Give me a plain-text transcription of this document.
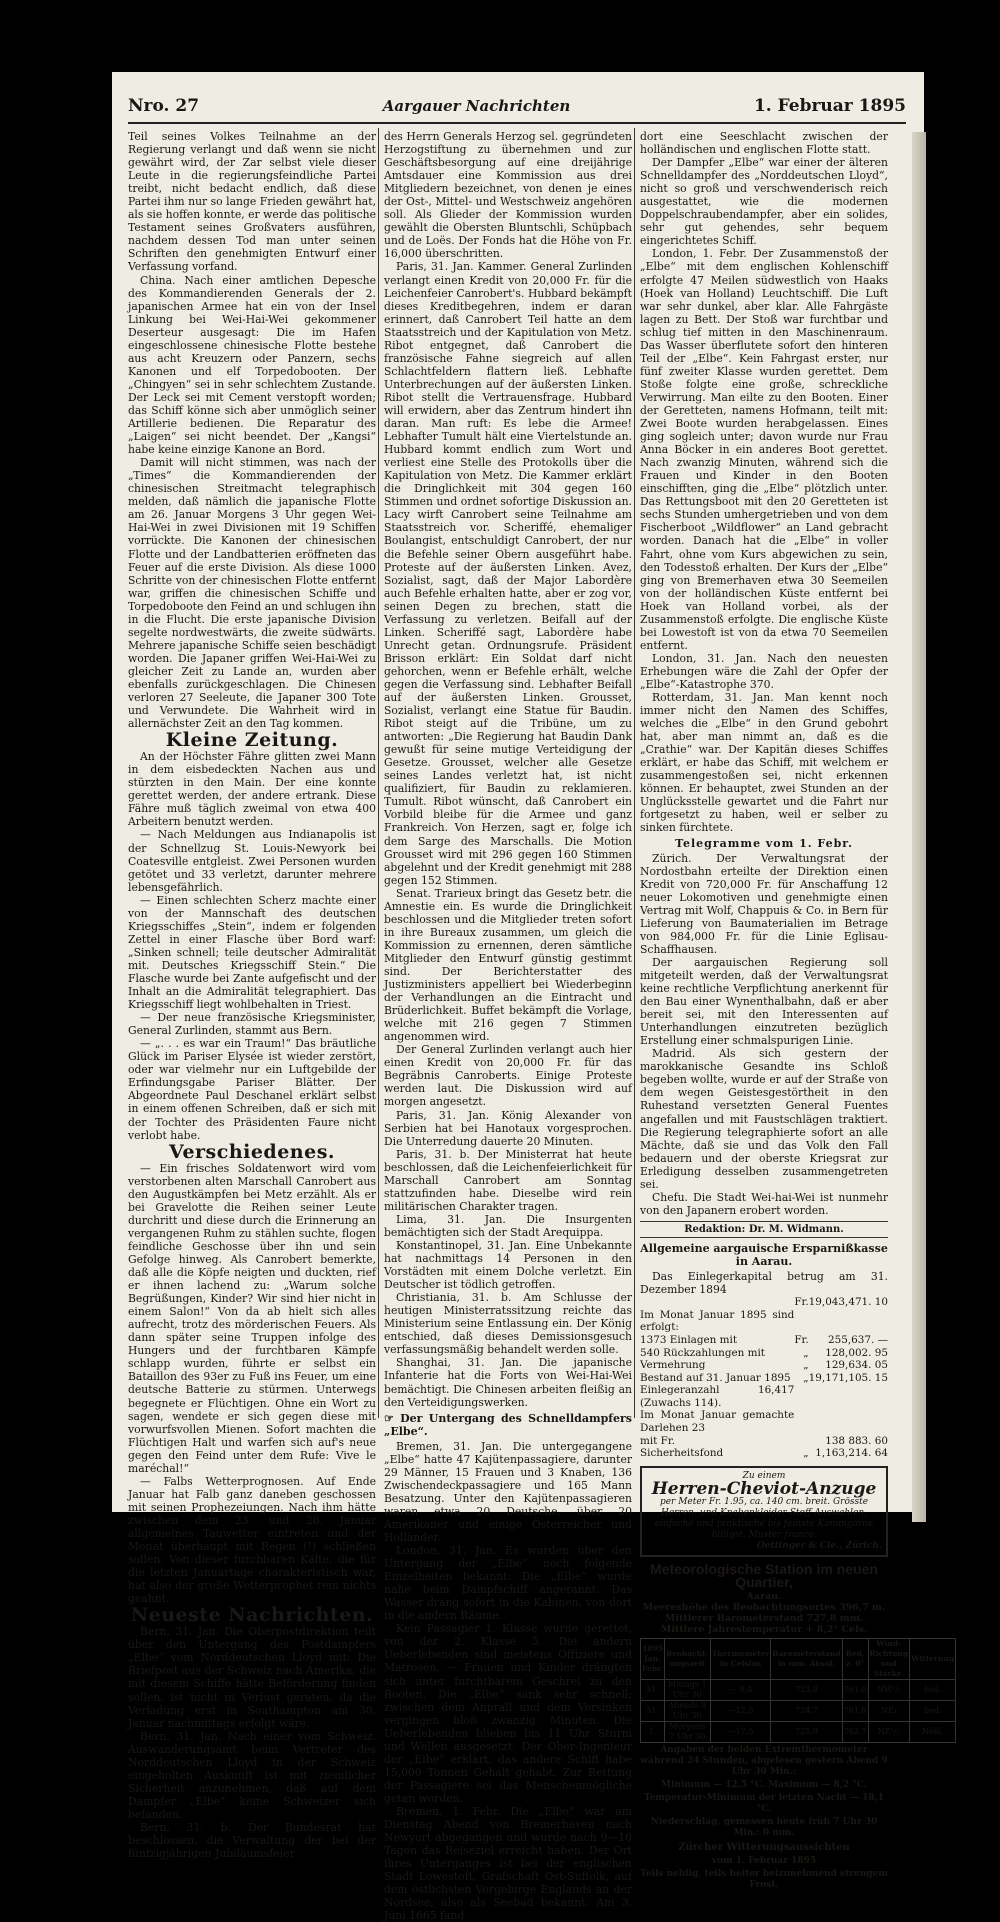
Nro. 27	Aargauer Nachrichten	1. Februar 1895

Teil seines Volkes Teilnahme an der Regierung verlangt und daß wenn sie nicht gewährt wird, der Zar selbst viele dieser Leute in die regierungsfeindliche Partei treibt, nicht bedacht endlich, daß diese Partei ihm nur so lange Frieden gewährt hat, als sie hoffen konnte, er werde das politische Testament seines Großvaters ausführen, nachdem dessen Tod man unter seinen Schriften den genehmigten Entwurf einer Verfassung vorfand.

China. Nach einer amtlichen Depesche des Kommandierenden Generals der 2. japanischen Armee hat ein von der Insel Linkung bei Wei-Hai-Wei gekommener Deserteur ausgesagt: Die im Hafen eingeschlossene chinesische Flotte bestehe aus acht Kreuzern oder Panzern, sechs Kanonen und elf Torpedobooten. Der „Chingyen“ sei in sehr schlechtem Zustande. Der Leck sei mit Cement verstopft worden; das Schiff könne sich aber unmöglich seiner Artillerie bedienen. Die Reparatur des „Laigen“ sei nicht beendet. Der „Kangsi“ habe keine einzige Kanone an Bord.

Damit will nicht stimmen, was nach der „Times“ die Kommandierenden der chinesischen Streitmacht telegraphisch melden, daß nämlich die japanische Flotte am 26. Januar Morgens 3 Uhr gegen Wei-Hai-Wei in zwei Divisionen mit 19 Schiffen vorrückte. Die Kanonen der chinesischen Flotte und der Landbatterien eröffneten das Feuer auf die erste Division. Als diese 1000 Schritte von der chinesischen Flotte entfernt war, griffen die chinesischen Schiffe und Torpedoboote den Feind an und schlugen ihn in die Flucht. Die erste japanische Division segelte nordwestwärts, die zweite südwärts. Mehrere japanische Schiffe seien beschädigt worden. Die Japaner griffen Wei-Hai-Wei zu gleicher Zeit zu Lande an, wurden aber ebenfalls zurückgeschlagen. Die Chinesen verloren 27 Seeleute, die Japaner 300 Tote und Verwundete. Die Wahrheit wird in allernächster Zeit an den Tag kommen.

Kleine Zeitung.

An der Höchster Fähre glitten zwei Mann in dem eisbedeckten Nachen aus und stürzten in den Main. Der eine konnte gerettet werden, der andere ertrank. Diese Fähre muß täglich zweimal von etwa 400 Arbeitern benutzt werden.

— Nach Meldungen aus Indianapolis ist der Schnellzug St. Louis-Newyork bei Coatesville entgleist. Zwei Personen wurden getötet und 33 verletzt, darunter mehrere lebensgefährlich.

— Einen schlechten Scherz machte einer von der Mannschaft des deutschen Kriegsschiffes „Stein“, indem er folgenden Zettel in einer Flasche über Bord warf: „Sinken schnell; teile deutscher Admiralität mit. Deutsches Kriegsschiff Stein.“ Die Flasche wurde bei Zante aufgefischt und der Inhalt an die Admiralität telegraphiert. Das Kriegsschiff liegt wohlbehalten in Triest.

— Der neue französische Kriegsminister, General Zurlinden, stammt aus Bern.

— „. . . es war ein Traum!“ Das bräutliche Glück im Pariser Elysée ist wieder zerstört, oder war vielmehr nur ein Luftgebilde der Erfindungsgabe Pariser Blätter. Der Abgeordnete Paul Deschanel erklärt selbst in einem offenen Schreiben, daß er sich mit der Tochter des Präsidenten Faure nicht verlobt habe.

Verschiedenes.

— Ein frisches Soldatenwort wird vom verstorbenen alten Marschall Canrobert aus den Augustkämpfen bei Metz erzählt. Als er bei Gravelotte die Reihen seiner Leute durchritt und diese durch die Erinnerung an vergangenen Ruhm zu stählen suchte, flogen feindliche Geschosse über ihn und sein Gefolge hinweg. Als Canrobert bemerkte, daß alle die Köpfe neigten und duckten, rief er ihnen lachend zu: „Warum solche Begrüßungen, Kinder? Wir sind hier nicht in einem Salon!“ Von da ab hielt sich alles aufrecht, trotz des mörderischen Feuers. Als dann später seine Truppen infolge des Hungers und der furchtbaren Kämpfe schlapp wurden, führte er selbst ein Bataillon des 93er zu Fuß ins Feuer, um eine deutsche Batterie zu stürmen. Unterwegs begegnete er Flüchtigen. Ohne ein Wort zu sagen, wendete er sich gegen diese mit vorwurfsvollen Mienen. Sofort machten die Flüchtigen Halt und warfen sich auf's neue gegen den Feind unter dem Rufe: Vive le maréchal!“

— Falbs Wetterprognosen. Auf Ende Januar hat Falb ganz daneben geschossen mit seinen Prophezeiungen. Nach ihm hätte zwischen dem 23. und 26. Januar allgemeines Tauwetter eintreten und der Monat überhaupt mit Regen (!) schließen sollen. Von dieser furchbaren Kälte, die für die letzten Januartage charakteristisch war, hat also der große Wetterprophet rein nichts geahnt.

Neueste Nachrichten.

Bern, 31. Jan. Die Oberpostdirektion teilt über den Untergang des Postdampfers „Elbe“ vom Norddeutschen Lloyd mit: Die Briefpost aus der Schweiz nach Amerika, die mit diesem Schiffe hätte Beförderung finden sollen, ist nicht in Verlust geraten, da die Verladung erst in Southampton am 30. Januar nachmittags erfolgt wäre.

Bern, 31. Jan. Nach einer vom Schweiz. Auswanderungsamt beim Vertreter des Norddeutschen Lloyd in der Schweiz eingeholten Auskunft ist mit ziemlicher Sicherheit anzunehmen, daß auf dem Dampfer „Elbe“ keine Schweizer sich befanden.

Bern, 31. b. Der Bundesrat hat beschlossen, die Verwaltung der bei der fünfzigjährigen Jubiläumsfeier

des Herrn Generals Herzog sel. gegründeten Herzogstiftung zu übernehmen und zur Geschäftsbesorgung auf eine dreijährige Amtsdauer eine Kommission aus drei Mitgliedern bezeichnet, von denen je eines der Ost-, Mittel- und Westschweiz angehören soll. Als Glieder der Kommission wurden gewählt die Obersten Bluntschli, Schüpbach und de Loës. Der Fonds hat die Höhe von Fr. 16,000 überschritten.

Paris, 31. Jan. Kammer. General Zurlinden verlangt einen Kredit von 20,000 Fr. für die Leichenfeier Canrobert's. Hubbard bekämpft dieses Kreditbegehren, indem er daran erinnert, daß Canrobert Teil hatte an dem Staatsstreich und der Kapitulation von Metz. Ribot entgegnet, daß Canrobert die französische Fahne siegreich auf allen Schlachtfeldern flattern ließ. Lebhafte Unterbrechungen auf der äußersten Linken. Ribot stellt die Vertrauensfrage. Hubbard will erwidern, aber das Zentrum hindert ihn daran. Man ruft: Es lebe die Armee! Lebhafter Tumult hält eine Viertelstunde an. Hubbard kommt endlich zum Wort und verliest eine Stelle des Protokolls über die Kapitulation von Metz. Die Kammer erklärt die Dringlichkeit mit 304 gegen 160 Stimmen und ordnet sofortige Diskussion an. Lacy wirft Canrobert seine Teilnahme am Staatsstreich vor. Scheriffé, ehemaliger Boulangist, entschuldigt Canrobert, der nur die Befehle seiner Obern ausgeführt habe. Proteste auf der äußersten Linken. Avez, Sozialist, sagt, daß der Major Labordère auch Befehle erhalten hatte, aber er zog vor, seinen Degen zu brechen, statt die Verfassung zu verletzen. Beifall auf der Linken. Scheriffé sagt, Labordère habe Unrecht getan. Ordnungsrufe. Präsident Brisson erklärt: Ein Soldat darf nicht gehorchen, wenn er Befehle erhält, welche gegen die Verfassung sind. Lebhafter Beifall auf der äußersten Linken. Grousset, Sozialist, verlangt eine Statue für Baudin. Ribot steigt auf die Tribüne, um zu antworten: „Die Regierung hat Baudin Dank gewußt für seine mutige Verteidigung der Gesetze. Grousset, welcher alle Gesetze seines Landes verletzt hat, ist nicht qualifiziert, für Baudin zu reklamieren. Tumult. Ribot wünscht, daß Canrobert ein Vorbild bleibe für die Armee und ganz Frankreich. Von Herzen, sagt er, folge ich dem Sarge des Marschalls. Die Motion Grousset wird mit 296 gegen 160 Stimmen abgelehnt und der Kredit genehmigt mit 288 gegen 152 Stimmen.

Senat. Trarieux bringt das Gesetz betr. die Amnestie ein. Es wurde die Dringlichkeit beschlossen und die Mitglieder treten sofort in ihre Bureaux zusammen, um gleich die Kommission zu ernennen, deren sämtliche Mitglieder den Entwurf günstig gestimmt sind. Der Berichterstatter des Justizministers appelliert bei Wiederbeginn der Verhandlungen an die Eintracht und Brüderlichkeit. Buffet bekämpft die Vorlage, welche mit 216 gegen 7 Stimmen angenommen wird.

Der General Zurlinden verlangt auch hier einen Kredit von 20,000 Fr. für das Begräbnis Canroberts. Einige Proteste werden laut. Die Diskussion wird auf morgen angesetzt.

Paris, 31. Jan. König Alexander von Serbien hat bei Hanotaux vorgesprochen. Die Unterredung dauerte 20 Minuten.

Paris, 31. b. Der Ministerrat hat heute beschlossen, daß die Leichenfeierlichkeit für Marschall Canrobert am Sonntag stattzufinden habe. Dieselbe wird rein militärischen Charakter tragen.

Lima, 31. Jan. Die Insurgenten bemächtigten sich der Stadt Arequippa.

Konstantinopel, 31. Jan. Eine Unbekannte hat nachmittags 14 Personen in den Vorstädten mit einem Dolche verletzt. Ein Deutscher ist tödlich getroffen.

Christiania, 31. b. Am Schlusse der heutigen Ministerratssitzung reichte das Ministerium seine Entlassung ein. Der König entschied, daß dieses Demissionsgesuch verfassungsmäßig behandelt werden solle.

Shanghai, 31. Jan. Die japanische Infanterie hat die Forts von Wei-Hai-Wei bemächtigt. Die Chinesen arbeiten fleißig an den Verteidigungswerken.

☞ Der Untergang des Schnelldampfers „Elbe“.

Bremen, 31. Jan. Die untergegangene „Elbe“ hatte 47 Kajütenpassagiere, darunter 29 Männer, 15 Frauen und 3 Knaben, 136 Zwischendeckpassagiere und 165 Mann Besatzung. Unter den Kajütenpassagieren waren etwa 20 Deutsche, über 20 Amerikaner und einige Österreicher und Holländer.

London, 31. Jan. Es wurden über den Untergang der „Elbe“ noch folgende Einzelheiten bekannt: Die „Elbe“ wurde nahe beim Dampfschiff angerannt. Das Wasser drang sofort in die Kabinen, von dort in die andern Räume.

Kein Passagier 1. Klasse wurde gerettet, von der 2. Klasse 5. Die andern Ueberlebenden sind meistens Offiziere und Matrosen. — Frauen und Kinder drängten sich unter furchtbarem Geschrei zu den Booten. Die „Elbe“ sank sehr schnell; zwischen dem Anprall und dem Versinken vergingen bloß zwanzig Minuten. Die Ueberlebenden blieben bis 11 Uhr Sturm und Wellen ausgesetzt. Der Ober-Ingenieur der „Elbe“ erklärt, das andere Schiff habe 15,000 Tonnen Gehalt gehabt. Zur Rettung der Passagiere sei das Menschenmögliche getan worden.

Bremen, 1. Febr. Die „Elbe“ war am Dienstag Abend von Bremerhaven nach Newyort abgegangen und wurde nach 9—10 Tagen das Reiseziel erreicht haben. Der Ort ihres Unterganges ist bei der englischen Stadt Lowestoft, Grafschaft Ost-Suffolk, auf dem östlichsten Vorgebirge Englands an der Nordsee, also als Seebad bekannt. Am 3. Juni 1665 fand

dort eine Seeschlacht zwischen der holländischen und englischen Flotte statt.

Der Dampfer „Elbe“ war einer der älteren Schnelldampfer des „Norddeutschen Lloyd“, nicht so groß und verschwenderisch reich ausgestattet, wie die modernen Doppelschraubendampfer, aber ein solides, sehr gut gehendes, sehr bequem eingerichtetes Schiff.

London, 1. Febr. Der Zusammenstoß der „Elbe“ mit dem englischen Kohlenschiff erfolgte 47 Meilen südwestlich von Haaks (Hoek van Holland) Leuchtschiff. Die Luft war sehr dunkel, aber klar. Alle Fahrgäste lagen zu Bett. Der Stoß war furchtbar und schlug tief mitten in den Maschinenraum. Das Wasser überflutete sofort den hinteren Teil der „Elbe“. Kein Fahrgast erster, nur fünf zweiter Klasse wurden gerettet. Dem Stoße folgte eine große, schreckliche Verwirrung. Man eilte zu den Booten. Einer der Geretteten, namens Hofmann, teilt mit: Zwei Boote wurden herabgelassen. Eines ging sogleich unter; davon wurde nur Frau Anna Böcker in ein anderes Boot gerettet. Nach zwanzig Minuten, während sich die Frauen und Kinder in den Booten einschifften, ging die „Elbe“ plötzlich unter. Das Rettungsboot mit den 20 Geretteten ist sechs Stunden umhergetrieben und von dem Fischerboot „Wildflower“ an Land gebracht worden. Danach hat die „Elbe“ in voller Fahrt, ohne vom Kurs abgewichen zu sein, den Todesstoß erhalten. Der Kurs der „Elbe“ ging von Bremerhaven etwa 30 Seemeilen von der holländischen Küste entfernt bei Hoek van Holland vorbei, als der Zusammenstoß erfolgte. Die englische Küste bei Lowestoft ist von da etwa 70 Seemeilen entfernt.

London, 31. Jan. Nach den neuesten Erhebungen wäre die Zahl der Opfer der „Elbe“-Katastrophe 370.

Rotterdam, 31. Jan. Man kennt noch immer nicht den Namen des Schiffes, welches die „Elbe“ in den Grund gebohrt hat, aber man nimmt an, daß es die „Crathie“ war. Der Kapitän dieses Schiffes erklärt, er habe das Schiff, mit welchem er zusammengestoßen sei, nicht erkennen können. Er behauptet, zwei Stunden an der Unglücksstelle gewartet und die Fahrt nur fortgesetzt zu haben, weil er selber zu sinken fürchtete.

Telegramme vom 1. Febr.

Zürich. Der Verwaltungsrat der Nordostbahn erteilte der Direktion einen Kredit von 720,000 Fr. für Anschaffung 12 neuer Lokomotiven und genehmigte einen Vertrag mit Wolf, Chappuis & Co. in Bern für Lieferung von Baumaterialien im Betrage von 984,000 Fr. für die Linie Eglisau-Schaffhausen.

Der aargauischen Regierung soll mitgeteilt werden, daß der Verwaltungsrat keine rechtliche Verpflichtung anerkennt für den Bau einer Wynenthalbahn, daß er aber bereit sei, mit den Interessenten auf Unterhandlungen einzutreten bezüglich Erstellung einer schmalspurigen Linie.

Madrid. Als sich gestern der marokkanische Gesandte ins Schloß begeben wollte, wurde er auf der Straße von dem wegen Geistesgestörtheit in den Ruhestand versetzten General Fuentes angefallen und mit Faustschlägen traktiert. Die Regierung telegraphierte sofort an alle Mächte, daß sie und das Volk den Fall bedauern und der oberste Kriegsrat zur Erledigung desselben zusammengetreten sei.

Chefu. Die Stadt Wei-hai-Wei ist nunmehr von den Japanern erobert worden.

Redaktion: Dr. M. Widmann.
Allgemeine aargauische Ersparnißkasse in Aarau.

Das Einlegerkapital betrug am 31. Dezember 1894

	Fr.	19,043,471. 10
Im Monat Januar 1895 sind erfolgt:		
1373 Einlagen mit	Fr.	255,637. —
540 Rückzahlungen mit	„	128,002. 95
Vermehrung	„	129,634. 05
Bestand auf 31. Januar 1895	„	19,171,105. 15
Einlegeranzahl 16,417 (Zuwachs 114).		
Im Monat Januar gemachte Darlehen 23		
mit Fr.		138 883. 60
Sicherheitsfond	„	1,163,214. 64
Zu einem
Herren-Cheviot-Anzuge
per Meter Fr. 1.95, ca. 140 cm. breit. Grösste Herren- und Knabenkleider-Stoff-Auswahlen, einfache und praktische bis feinste Kammgarne billigst. Muster franco.
Oettinger & Cie., Zürich.
Meteorologische Station im neuen Quartier,
Aarau.
Meereshöhe des Beobachtungsortes 396,7 m.
Mittlerer Barometerstand 727,8 mm.
Mittlere Jahrestemperatur + 8,2° Cels.
1895 Jan. Febr.	Beobacht-ungszeit	Thermometer in Celsius	Barometerstand in mm. Absol.	Red. z. 0°	Wind-Richtung und Stärke.	Witterung
31.	Mittags 1 Uhr 30	— 9,4	723,9	761,0	NW¹/₂	bed.
31.	Abends 9 Uhr 30	—12,5	724,7	761,8	NE₁	bed.
1.	Morgens 7 Uhr 30	—17,5	725,9	762,7	NE¹/₂	Nebl.
Angaben der beiden Extremthermometer während 24 Stunden, abgelesen gestern Abend 9 Uhr 30 Min.:
Minimum — 12,5 °C. Maximum — 8,2 °C.
Temperatur-Minimum der letzten Nacht — 18,1 °C.
Niederschlag, gemessen heute früh 7 Uhr 30 Min.: 0 mm.
Zürcher Witterungsaussichten
vom 1. Februar 1895
Teils neblig, teils heiter beizunehmend strengem Frost.
